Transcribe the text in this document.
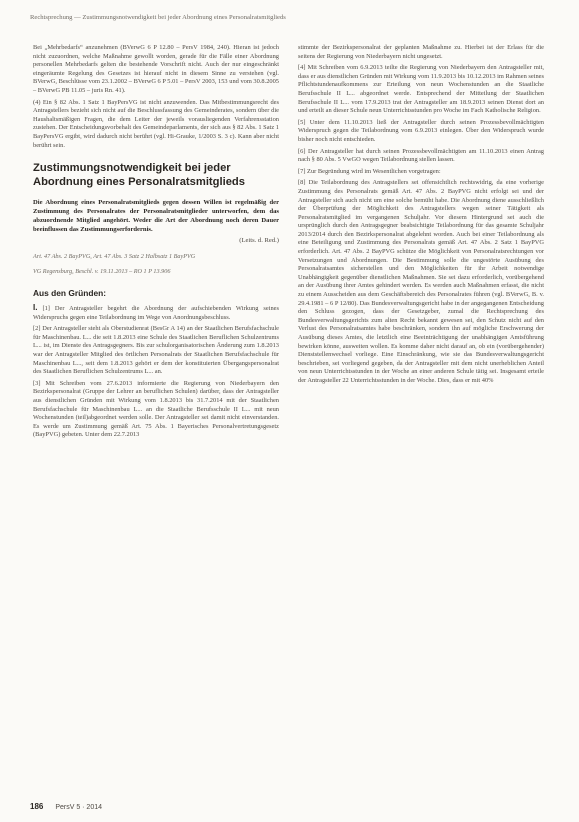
Rechtsprechung — Zustimmungsnotwendigkeit bei jeder Abordnung eines Personalratsmitglieds

Bei „Mehrbedarfs“ anzunehmen (BVerwG 6 P 12.80 – PersV 1984, 240). Hieran ist jedoch nicht zuzuordnen, welche Maßnahme gewollt worden, gerade für die Fälle einer Abordnung personellen Mehrbedarfs gelten die bestehende Vorschrift nicht. Auch der nur eingeschränkt eingeräumte Regelung des Gesetzes ist hierauf nicht in diesem Sinne zu verstehen (vgl. BVerwG, Beschlüsse vom 23.1.2002 – BVerwG 6 P 5.01 – PersV 2003, 153 und vom 30.8.2005 – BVerwG PB 11.05 – juris Rn. 41).

(4) Ein § 82 Abs. 1 Satz 1 BayPersVG ist nicht anzuwenden. Das Mitbestimmungsrecht des Antragstellers bezieht sich nicht auf die Beschlussfassung des Gemeinderates, sondern über die Haushaltsmäßigen Fragen, die dem Leiter der jeweils vorausliegenden Verfahrensstation zustehen. Der Entscheidungsvorbehalt des Gemeindeparlaments, der sich aus § 82 Abs. 1 Satz 1 BayPersVG ergibt, wird dadurch nicht berührt (vgl. Hi-Grauke, 1/2003 S. 3 c). Kann aber nicht berührt sein.

Zustimmungsnotwendigkeit bei jeder Abordnung eines Personalratsmitglieds

Die Abordnung eines Personalratsmitglieds gegen dessen Willen ist regelmäßig der Zustimmung des Personalrates der Personalratsmitglieder unterworfen, dem das abzuordnende Mitglied angehört. Weder die Art der Abordnung noch deren Dauer beeinflussen das Zustimmungserfordernis.

(Leits. d. Red.)

Art. 47 Abs. 2 BayPVG, Art. 47 Abs. 3 Satz 2 Halbsatz 1 BayPVG
VG Regensburg, Beschl. v. 19.11.2013 – RO 1 P 13.906
Aus den Gründen:

I. [1] Der Antragsteller begehrt die Abordnung der aufschiebenden Wirkung seines Widerspruchs gegen eine Teilabordnung im Wege von Anordnungsbeschluss.

[2] Der Antragsteller steht als Oberstudienrat (BesGr A 14) an der Staatlichen Berufsfachschule für Maschinenbau. L... die seit 1.8.2013 eine Schule des Staatlichen Beruflichen Schulzentrums L... ist, im Dienste des Antragsgegners. Bis zur schulorganisatorischen Änderung zum 1.8.2013 war der Antragsteller Mitglied des örtlichen Personalrats der Staatlichen Berufsfachschule für Maschinenbau L..., seit dem 1.8.2013 gehört er dem der konstituierten Übergangspersonalrat des Staatlichen Beruflichen Schulzentrums L... an.

[3] Mit Schreiben vom 27.6.2013 informierte die Regierung von Niederbayern den Bezirkspersonalrat (Gruppe der Lehrer an beruflichen Schulen) darüber, dass der Antragsteller aus dienstlichen Gründen mit Wirkung vom 1.8.2013 bis 31.7.2014 mit der Staatlichen Berufsfachschule für Maschinenbau L... an die Staatliche Berufsschule II L... mit neun Wochenstunden (teil)abgeordnet werden solle. Der Antragsteller sei damit nicht einverstanden. Es werde um Zustimmung gemäß Art. 75 Abs. 1 Bayerisches Personalvertretungsgesetz (BayPVG) gebeten. Unter dem 22.7.2013

stimmte der Bezirkspersonalrat der geplanten Maßnahme zu. Hierbei ist der Erlass für die seitens der Regierung von Niederbayern nicht ungesetzt.

[4] Mit Schreiben vom 6.9.2013 teilte die Regierung von Niederbayern den Antragsteller mit, dass er aus dienstlichen Gründen mit Wirkung vom 11.9.2013 bis 10.12.2013 im Rahmen seines Pflichtstundenaufkommens zur Erteilung von neun Wochenstunden an die Staatliche Berufsschule II L... abgeordnet werde. Entsprechend der Mitteilung der Staatlichen Berufsschule II L... vom 17.9.2013 trat der Antragsteller am 18.9.2013 seinen Dienst dort an und erteilt an dieser Schule neun Unterrichtsstunden pro Woche im Fach Katholische Religion.

[5] Unter dem 11.10.2013 ließ der Antragsteller durch seinen Prozessbevollmächtigten Widerspruch gegen die Teilabordnung vom 6.9.2013 einlegen. Über den Widerspruch wurde bisher noch nicht entschieden.

[6] Der Antragsteller hat durch seinen Prozessbevollmächtigten am 11.10.2013 einen Antrag nach § 80 Abs. 5 VwGO wegen Teilabordnung stellen lassen.

[7] Zur Begründung wird im Wesentlichen vorgetragen:

[8] Die Teilabordnung des Antragstellers sei offensichtlich rechtswidrig, da eine vorherige Zustimmung des Personalrats gemäß Art. 47 Abs. 2 BayPVG nicht erfolgt sei und der Antragsteller sich auch nicht um eine solche bemüht habe. Die Abordnung diene ausschließlich der Überprüfung der Möglichkeit des Antragstellers wegen seiner Tätigkeit als Personalratsmitglied im vergangenen Schuljahr. Vor diesem Hintergrund sei auch die ursprünglich durch den Antragsgegner beabsichtigte Teilabordnung für das gesamte Schuljahr 2013/2014 durch den Bezirkspersonalrat abgelehnt worden. Auch bei einer Teilabordnung als eine Beteiligung und Zustimmung des Personalrats gemäß Art. 47 Abs. 2 Satz 1 BayPVG erforderlich. Art. 47 Abs. 2 BayPVG schütze die Möglichkeit von Personalratsrechtungen vor Versetzungen und Abordnungen. Die Bestimmung solle die ungestörte Ausübung des Personalratsamtes sicherstellen und den Möglichkeiten für ihr Arbeit notwendige Unabhängigkeit gegenüber dienstlichen Maßnahmen. Sie sei dazu erforderlich, vorübergehend an der Ausübung ihrer Amtes gehindert werden. Es werden auch Maßnahmen erfasst, die nicht zu einem Ausscheiden aus dem Geschäftsbereich des Personalrates führen (vgl. BVerwG, B. v. 29.4.1981 – 6 P 12/80). Das Bundesverwaltungsgericht habe in der angegangenen Entscheidung den Schluss gezogen, dass der Gesetzgeber, zumal die Rechtsprechung des Bundesverwaltungsgerichts zum alten Recht bekannt gewesen sei, den Schutz nicht auf den Verlust des Personalratsamtes habe beschränken, sondern ihn auf mögliche Erschwerung der Ausübung dieses Amtes, die letztlich eine Beeinträchtigung der unabhängigen Amtsführung bewirken könne, ausweiten wollen. Es komme daher nicht darauf an, ob ein (vorübergehender) Dienststellenwechsel vorliege. Eine Einschränkung, wie sie das Bundesverwaltungsgericht beschrieben, sei vorliegend gegeben, da der Antragsteller mit dem nicht unerheblichen Anteil von neun Unterrichtsstunden in der Woche an einer anderen Schule tätig sei. Insgesamt erteile der Antragsteller 22 Unterrichtsstunden in der Woche. Dies, dass er mit 40%

186 PersV 5 · 2014
